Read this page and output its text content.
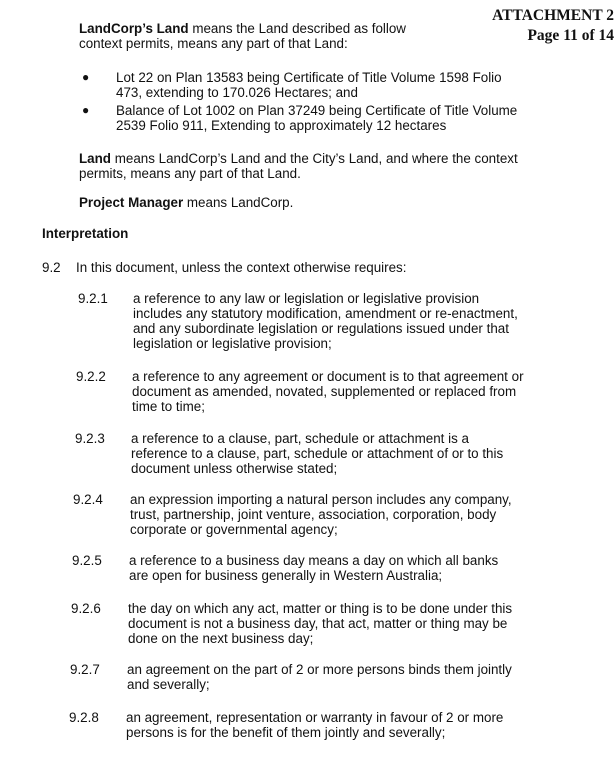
LandCorp’s Land means the Land described as follow
context permits, means any part of that Land:
ATTACHMENT 2
Page 11 of 14
●	Lot 22 on Plan 13583 being Certificate of Title Volume 1598 Folio
473, extending to 170.026 Hectares; and
●	Balance of Lot 1002 on Plan 37249 being Certificate of Title Volume
2539 Folio 911, Extending to approximately 12 hectares
Land means LandCorp’s Land and the City’s Land, and where the context
permits, means any part of that Land.
Project Manager means LandCorp.
Interpretation
9.2 In this document, unless the context otherwise requires:
9.2.1 a reference to any law or legislation or legislative provision
includes any statutory modification, amendment or re-enactment,
and any subordinate legislation or regulations issued under that
legislation or legislative provision;
9.2.2 a reference to any agreement or document is to that agreement or
document as amended, novated, supplemented or replaced from
time to time;
9.2.3 a reference to a clause, part, schedule or attachment is a
reference to a clause, part, schedule or attachment of or to this
document unless otherwise stated;
9.2.4 an expression importing a natural person includes any company,
trust, partnership, joint venture, association, corporation, body
corporate or governmental agency;
9.2.5 a reference to a business day means a day on which all banks
are open for business generally in Western Australia;
9.2.6 the day on which any act, matter or thing is to be done under this
document is not a business day, that act, matter or thing may be
done on the next business day;
9.2.7 an agreement on the part of 2 or more persons binds them jointly
and severally;
9.2.8 an agreement, representation or warranty in favour of 2 or more
persons is for the benefit of them jointly and severally;
